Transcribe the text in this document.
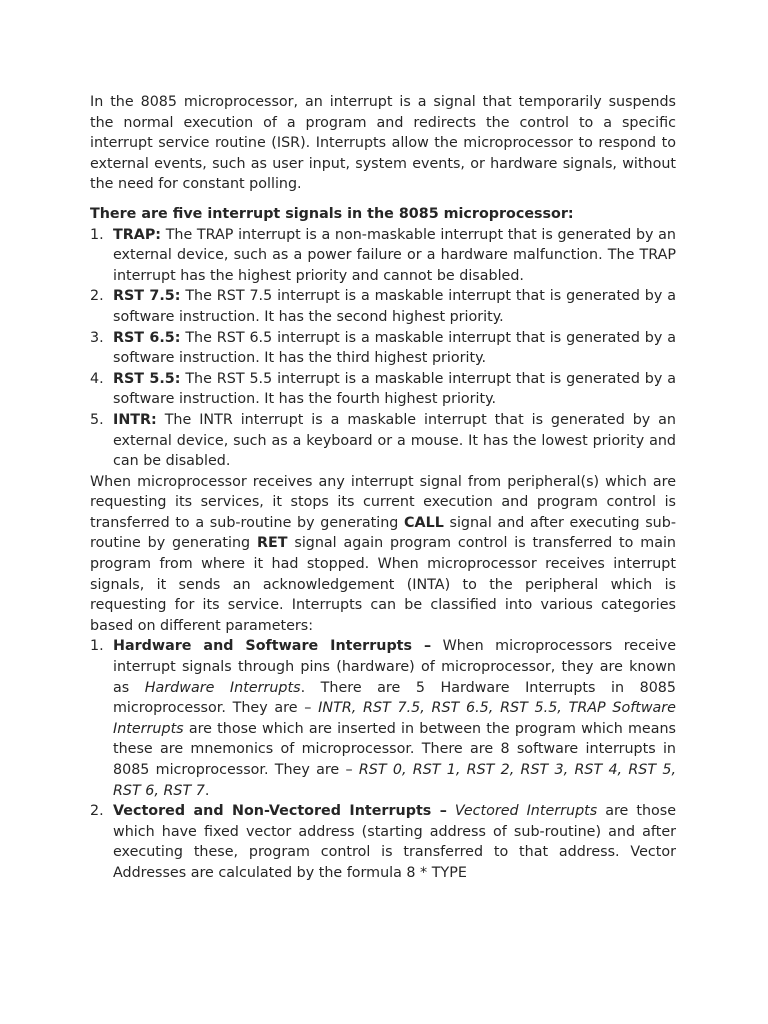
In the 8085 microprocessor, an interrupt is a signal that temporarily suspends the normal execution of a program and redirects the control to a specific interrupt service routine (ISR). Interrupts allow the microprocessor to respond to external events, such as user input, system events, or hardware signals, without the need for constant polling.

There are five interrupt signals in the 8085 microprocessor:

1. TRAP: The TRAP interrupt is a non-maskable interrupt that is generated by an external device, such as a power failure or a hardware malfunction. The TRAP interrupt has the highest priority and cannot be disabled.
2. RST 7.5: The RST 7.5 interrupt is a maskable interrupt that is generated by a software instruction. It has the second highest priority.
3. RST 6.5: The RST 6.5 interrupt is a maskable interrupt that is generated by a software instruction. It has the third highest priority.
4. RST 5.5: The RST 5.5 interrupt is a maskable interrupt that is generated by a software instruction. It has the fourth highest priority.
5. INTR: The INTR interrupt is a maskable interrupt that is generated by an external device, such as a keyboard or a mouse. It has the lowest priority and can be disabled.

When microprocessor receives any interrupt signal from peripheral(s) which are requesting its services, it stops its current execution and program control is transferred to a sub-routine by generating CALL signal and after executing sub-routine by generating RET signal again program control is transferred to main program from where it had stopped. When microprocessor receives interrupt signals, it sends an acknowledgement (INTA) to the peripheral which is requesting for its service. Interrupts can be classified into various categories based on different parameters:

1. Hardware and Software Interrupts – When microprocessors receive interrupt signals through pins (hardware) of microprocessor, they are known as Hardware Interrupts. There are 5 Hardware Interrupts in 8085 microprocessor. They are – INTR, RST 7.5, RST 6.5, RST 5.5, TRAP Software Interrupts are those which are inserted in between the program which means these are mnemonics of microprocessor. There are 8 software interrupts in 8085 microprocessor. They are – RST 0, RST 1, RST 2, RST 3, RST 4, RST 5, RST 6, RST 7.
2. Vectored and Non-Vectored Interrupts – Vectored Interrupts are those which have fixed vector address (starting address of sub-routine) and after executing these, program control is transferred to that address. Vector Addresses are calculated by the formula 8 * TYPE
